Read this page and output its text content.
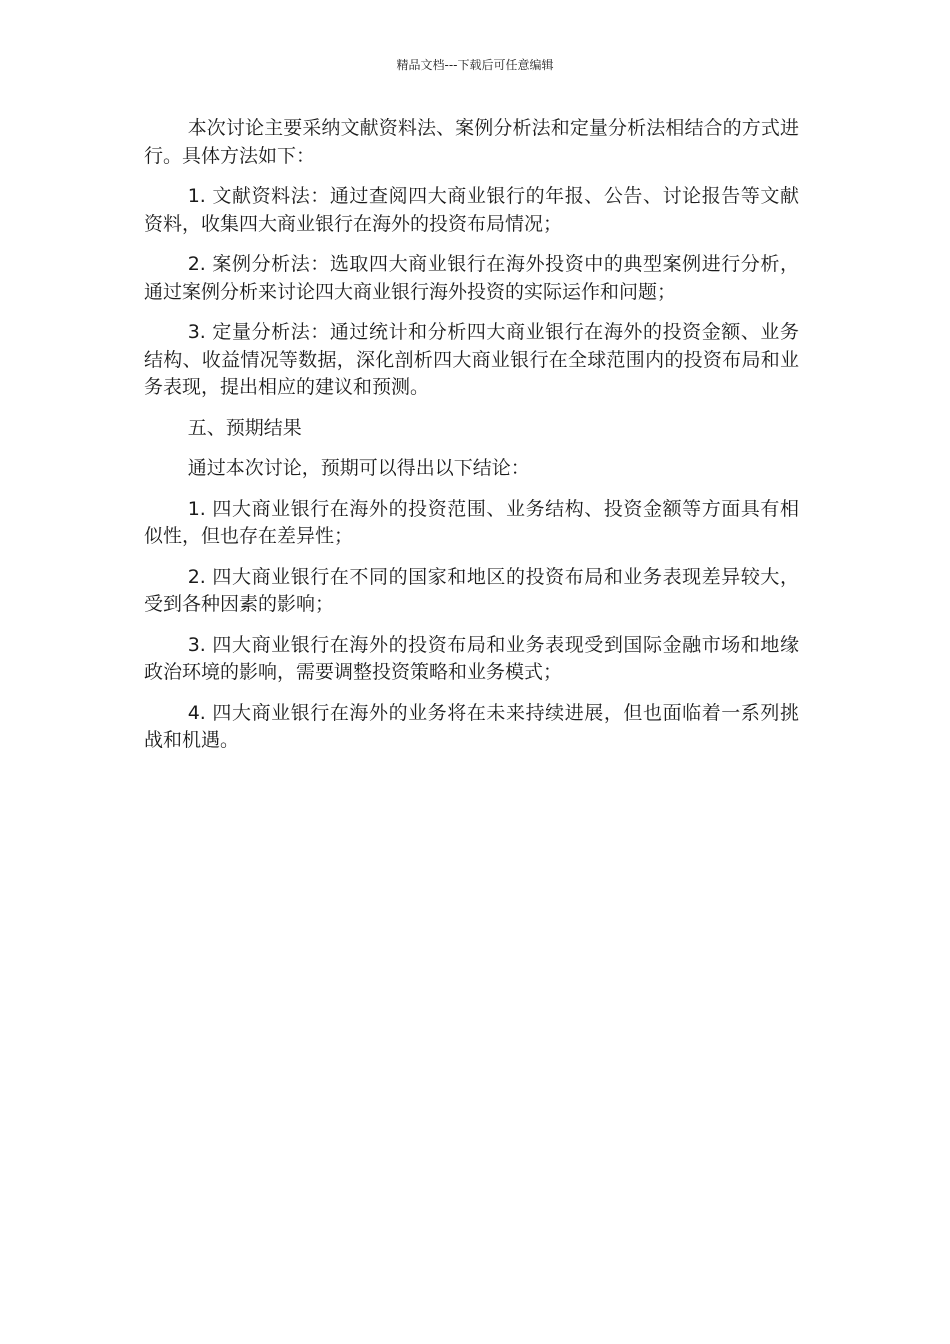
精品文档---下载后可任意编辑

本次讨论主要采纳文献资料法、案例分析法和定量分析法相结合的方式进行。具体方法如下：

1. 文献资料法：通过查阅四大商业银行的年报、公告、讨论报告等文献资料，收集四大商业银行在海外的投资布局情况；

2. 案例分析法：选取四大商业银行在海外投资中的典型案例进行分析，通过案例分析来讨论四大商业银行海外投资的实际运作和问题；

3. 定量分析法：通过统计和分析四大商业银行在海外的投资金额、业务结构、收益情况等数据，深化剖析四大商业银行在全球范围内的投资布局和业务表现，提出相应的建议和预测。

五、预期结果

通过本次讨论，预期可以得出以下结论：

1. 四大商业银行在海外的投资范围、业务结构、投资金额等方面具有相似性，但也存在差异性；

2. 四大商业银行在不同的国家和地区的投资布局和业务表现差异较大，受到各种因素的影响；

3. 四大商业银行在海外的投资布局和业务表现受到国际金融市场和地缘政治环境的影响，需要调整投资策略和业务模式；

4. 四大商业银行在海外的业务将在未来持续进展，但也面临着一系列挑战和机遇。
